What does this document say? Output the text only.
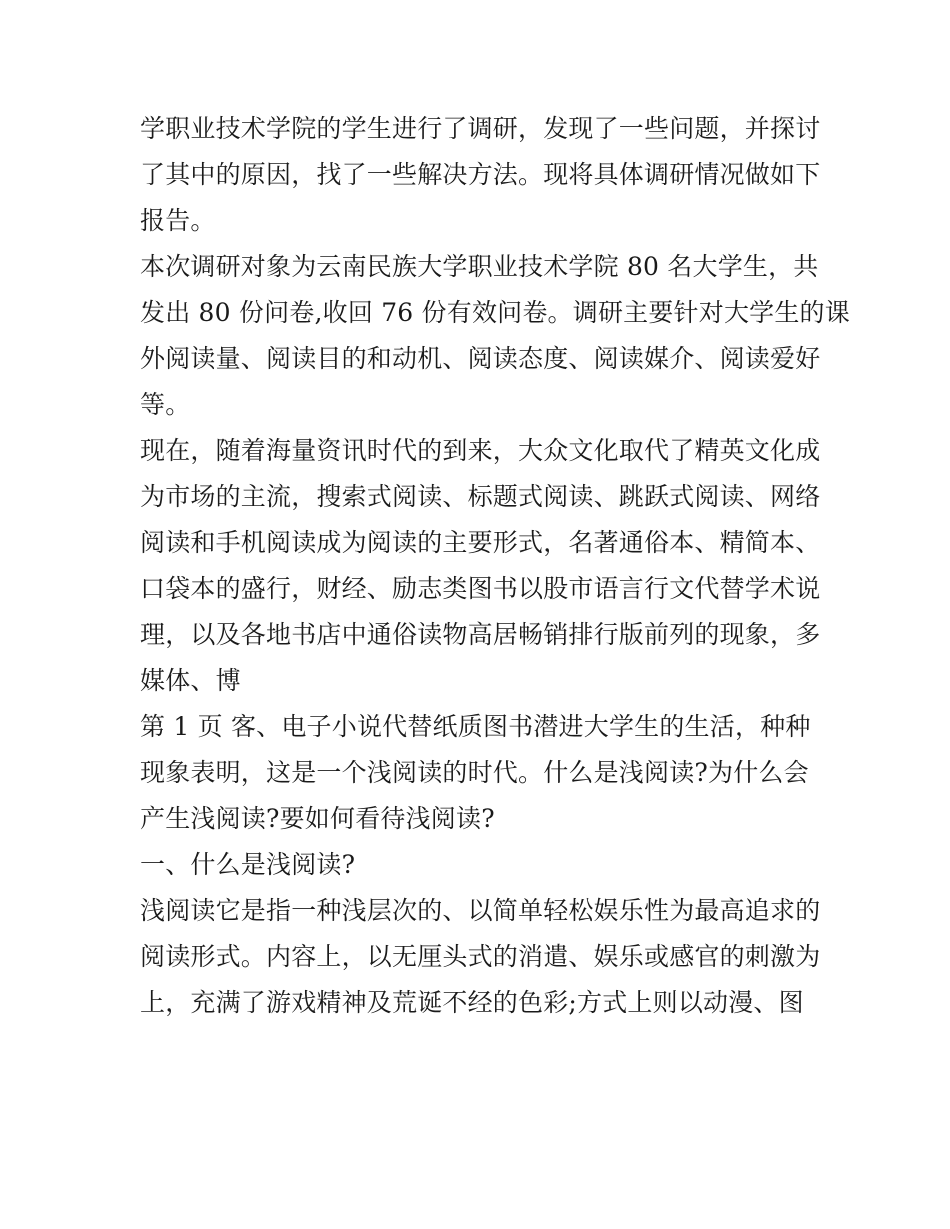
学职业技术学院的学生进行了调研，发现了一些问题，并探讨
了其中的原因，找了一些解决方法。现将具体调研情况做如下
报告。
本次调研对象为云南民族大学职业技术学院 80 名大学生，共
发出 80 份问卷,收回 76 份有效问卷。调研主要针对大学生的课
外阅读量、阅读目的和动机、阅读态度、阅读媒介、阅读爱好
等。
现在，随着海量资讯时代的到来，大众文化取代了精英文化成
为市场的主流，搜索式阅读、标题式阅读、跳跃式阅读、网络
阅读和手机阅读成为阅读的主要形式，名著通俗本、精简本、
口袋本的盛行，财经、励志类图书以股市语言行文代替学术说
理，以及各地书店中通俗读物高居畅销排行版前列的现象，多
媒体、博
第 1 页 客、电子小说代替纸质图书潜进大学生的生活，种种
现象表明，这是一个浅阅读的时代。什么是浅阅读?为什么会
产生浅阅读?要如何看待浅阅读?
一、什么是浅阅读?
浅阅读它是指一种浅层次的、以简单轻松娱乐性为最高追求的
阅读形式。内容上，以无厘头式的消遣、娱乐或感官的刺激为
上，充满了游戏精神及荒诞不经的色彩;方式上则以动漫、图
